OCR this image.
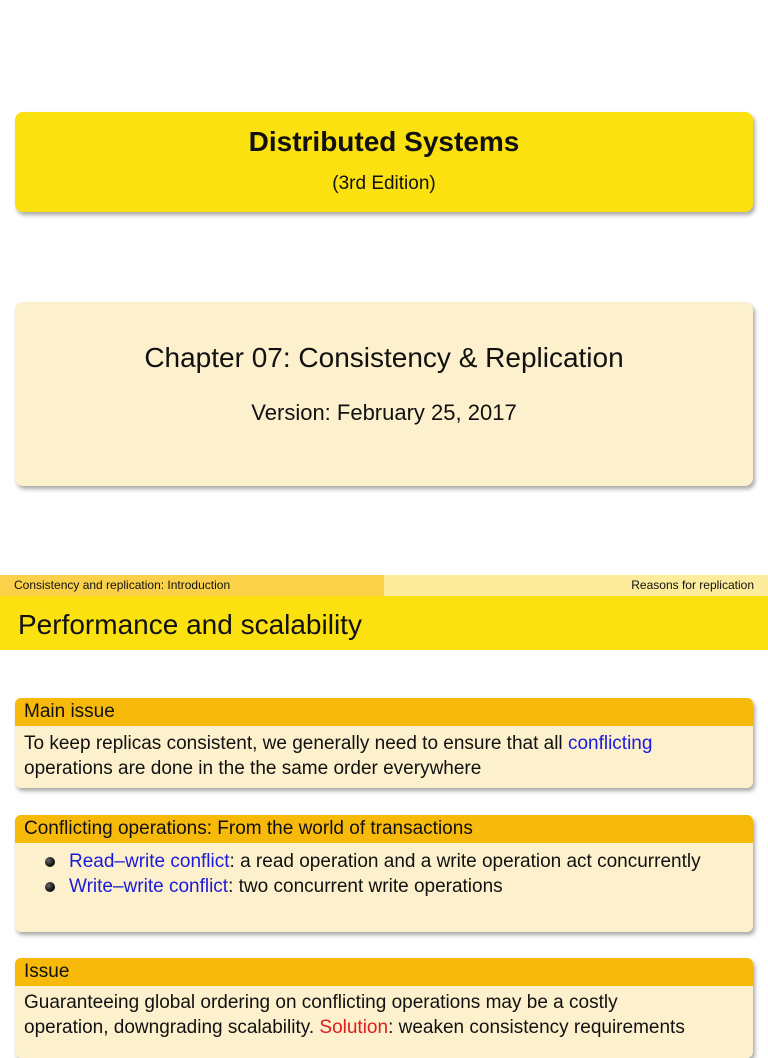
Distributed Systems
(3rd Edition)
Chapter 07: Consistency & Replication
Version: February 25, 2017
Consistency and replication: Introduction	Reasons for replication
Performance and scalability
Main issue
To keep replicas consistent, we generally need to ensure that all conflicting operations are done in the the same order everywhere
Conflicting operations: From the world of transactions
Read–write conflict: a read operation and a write operation act concurrently
Write–write conflict: two concurrent write operations
Issue
Guaranteeing global ordering on conflicting operations may be a costly
operation, downgrading scalability. Solution: weaken consistency requirements
